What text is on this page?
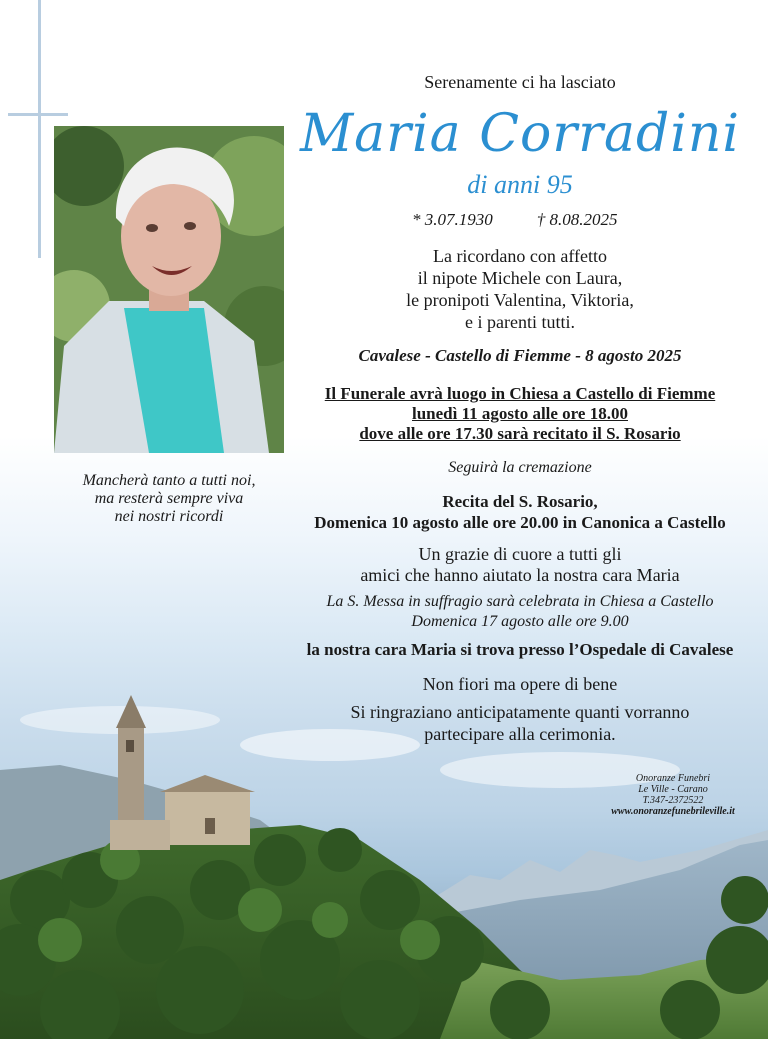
Serenamente ci ha lasciato
Maria Corradini
di anni 95
* 3.07.1930	† 8.08.2025
La ricordano con affetto
il nipote Michele con Laura,
le pronipoti Valentina, Viktoria,
e i parenti tutti.
Cavalese - Castello di Fiemme - 8 agosto 2025
Il Funerale avrà luogo in Chiesa a Castello di Fiemme
lunedì 11 agosto alle ore 18.00
dove alle ore 17.30 sarà recitato il S. Rosario
Seguirà la cremazione
Recita del S. Rosario,
Domenica 10 agosto alle ore 20.00 in Canonica a Castello
Un grazie di cuore a tutti gli
amici che hanno aiutato la nostra cara Maria
La S. Messa in suffragio sarà celebrata in Chiesa a Castello
Domenica 17 agosto alle ore 9.00
la nostra cara Maria si trova presso l’Ospedale di Cavalese
Non fiori ma opere di bene
Si ringraziano anticipatamente quanti vorranno
partecipare alla cerimonia.
Mancherà tanto a tutti noi,
ma resterà sempre viva
nei nostri ricordi
Onoranze Funebri
Le Ville - Carano
T.347-2372522
www.onoranzefunebrileville.it
